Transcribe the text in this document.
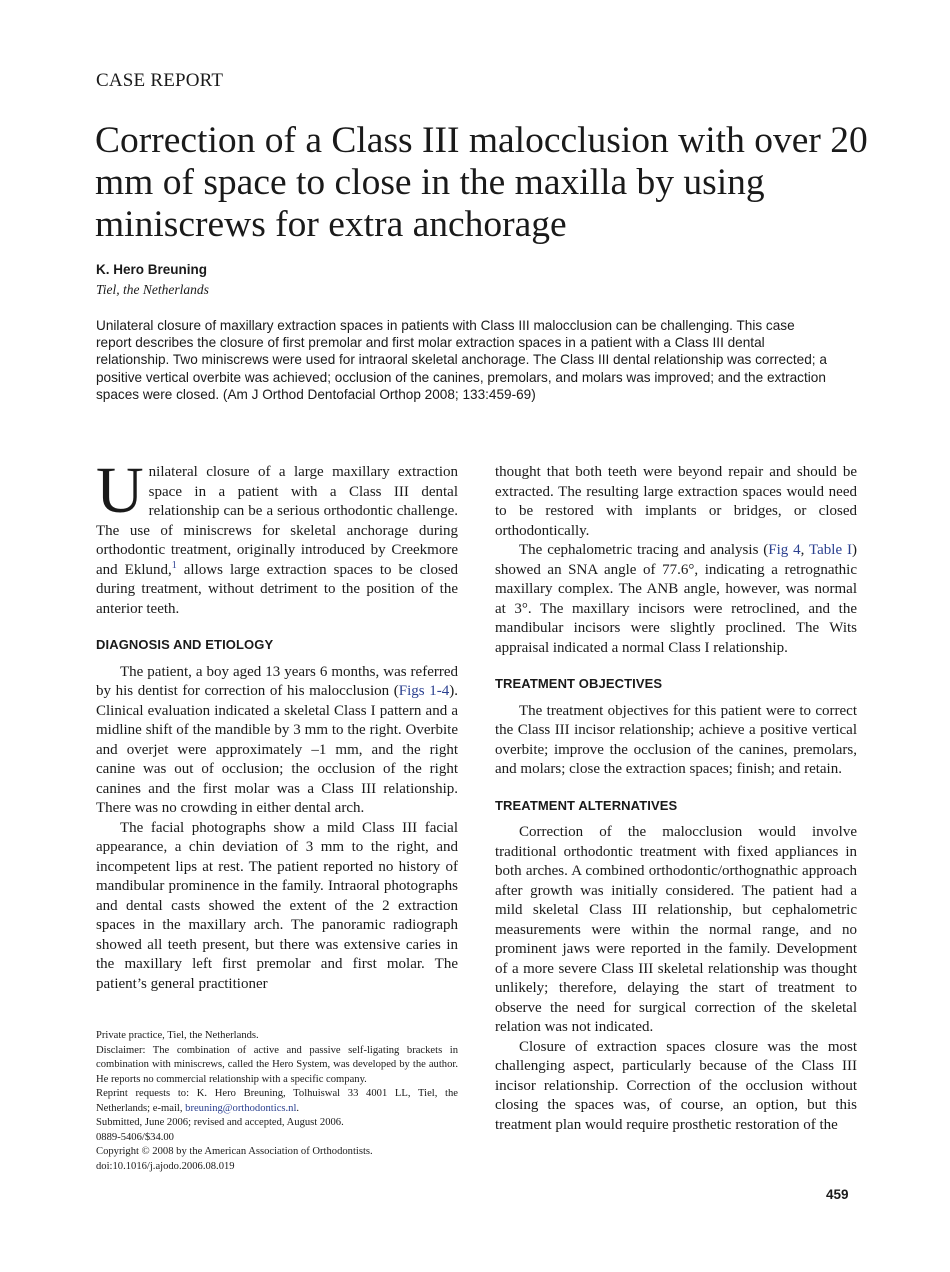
CASE REPORT
Correction of a Class III malocclusion with over 20 mm of space to close in the maxilla by using miniscrews for extra anchorage
K. Hero Breuning
Tiel, the Netherlands
Unilateral closure of maxillary extraction spaces in patients with Class III malocclusion can be challenging. This case report describes the closure of first premolar and first molar extraction spaces in a patient with a Class III dental relationship. Two miniscrews were used for intraoral skeletal anchorage. The Class III dental relationship was corrected; a positive vertical overbite was achieved; occlusion of the canines, premolars, and molars was improved; and the extraction spaces were closed. (Am J Orthod Dentofacial Orthop 2008; 133:459-69)

Unilateral closure of a large maxillary extraction space in a patient with a Class III dental relationship can be a serious orthodontic challenge. The use of miniscrews for skeletal anchorage during orthodontic treatment, originally introduced by Creekmore and Eklund,$^1$ allows large extraction spaces to be closed during treatment, without detriment to the position of the anterior teeth.

DIAGNOSIS AND ETIOLOGY

The patient, a boy aged 13 years 6 months, was referred by his dentist for correction of his malocclusion (Figs 1-4). Clinical evaluation indicated a skeletal Class I pattern and a midline shift of the mandible by 3 mm to the right. Overbite and overjet were approximately –1 mm, and the right canine was out of occlusion; the occlusion of the right canines and the first molar was a Class III relationship. There was no crowding in either dental arch.

The facial photographs show a mild Class III facial appearance, a chin deviation of 3 mm to the right, and incompetent lips at rest. The patient reported no history of mandibular prominence in the family. Intraoral photographs and dental casts showed the extent of the 2 extraction spaces in the maxillary arch. The panoramic radiograph showed all teeth present, but there was extensive caries in the maxillary left first premolar and first molar. The patient’s general practitioner

thought that both teeth were beyond repair and should be extracted. The resulting large extraction spaces would need to be restored with implants or bridges, or closed orthodontically.

The cephalometric tracing and analysis (Fig 4, Table I) showed an SNA angle of 77.6°, indicating a retrognathic maxillary complex. The ANB angle, however, was normal at 3°. The maxillary incisors were retroclined, and the mandibular incisors were slightly proclined. The Wits appraisal indicated a normal Class I relationship.

TREATMENT OBJECTIVES

The treatment objectives for this patient were to correct the Class III incisor relationship; achieve a positive vertical overbite; improve the occlusion of the canines, premolars, and molars; close the extraction spaces; finish; and retain.

TREATMENT ALTERNATIVES

Correction of the malocclusion would involve traditional orthodontic treatment with fixed appliances in both arches. A combined orthodontic/orthognathic approach after growth was initially considered. The patient had a mild skeletal Class III relationship, but cephalometric measurements were within the normal range, and no prominent jaws were reported in the family. Development of a more severe Class III skeletal relationship was thought unlikely; therefore, delaying the start of treatment to observe the need for surgical correction of the skeletal relation was not indicated.

Closure of extraction spaces closure was the most challenging aspect, particularly because of the Class III incisor relationship. Correction of the occlusion without closing the spaces was, of course, an option, but this treatment plan would require prosthetic restoration of the

Private practice, Tiel, the Netherlands.
Disclaimer: The combination of active and passive self-ligating brackets in combination with miniscrews, called the Hero System, was developed by the author. He reports no commercial relationship with a specific company.
Reprint requests to: K. Hero Breuning, Tolhuiswal 33 4001 LL, Tiel, the Netherlands; e-mail, breuning@orthodontics.nl.
Submitted, June 2006; revised and accepted, August 2006.
0889-5406/$34.00
Copyright © 2008 by the American Association of Orthodontists.
doi:10.1016/j.ajodo.2006.08.019
459
